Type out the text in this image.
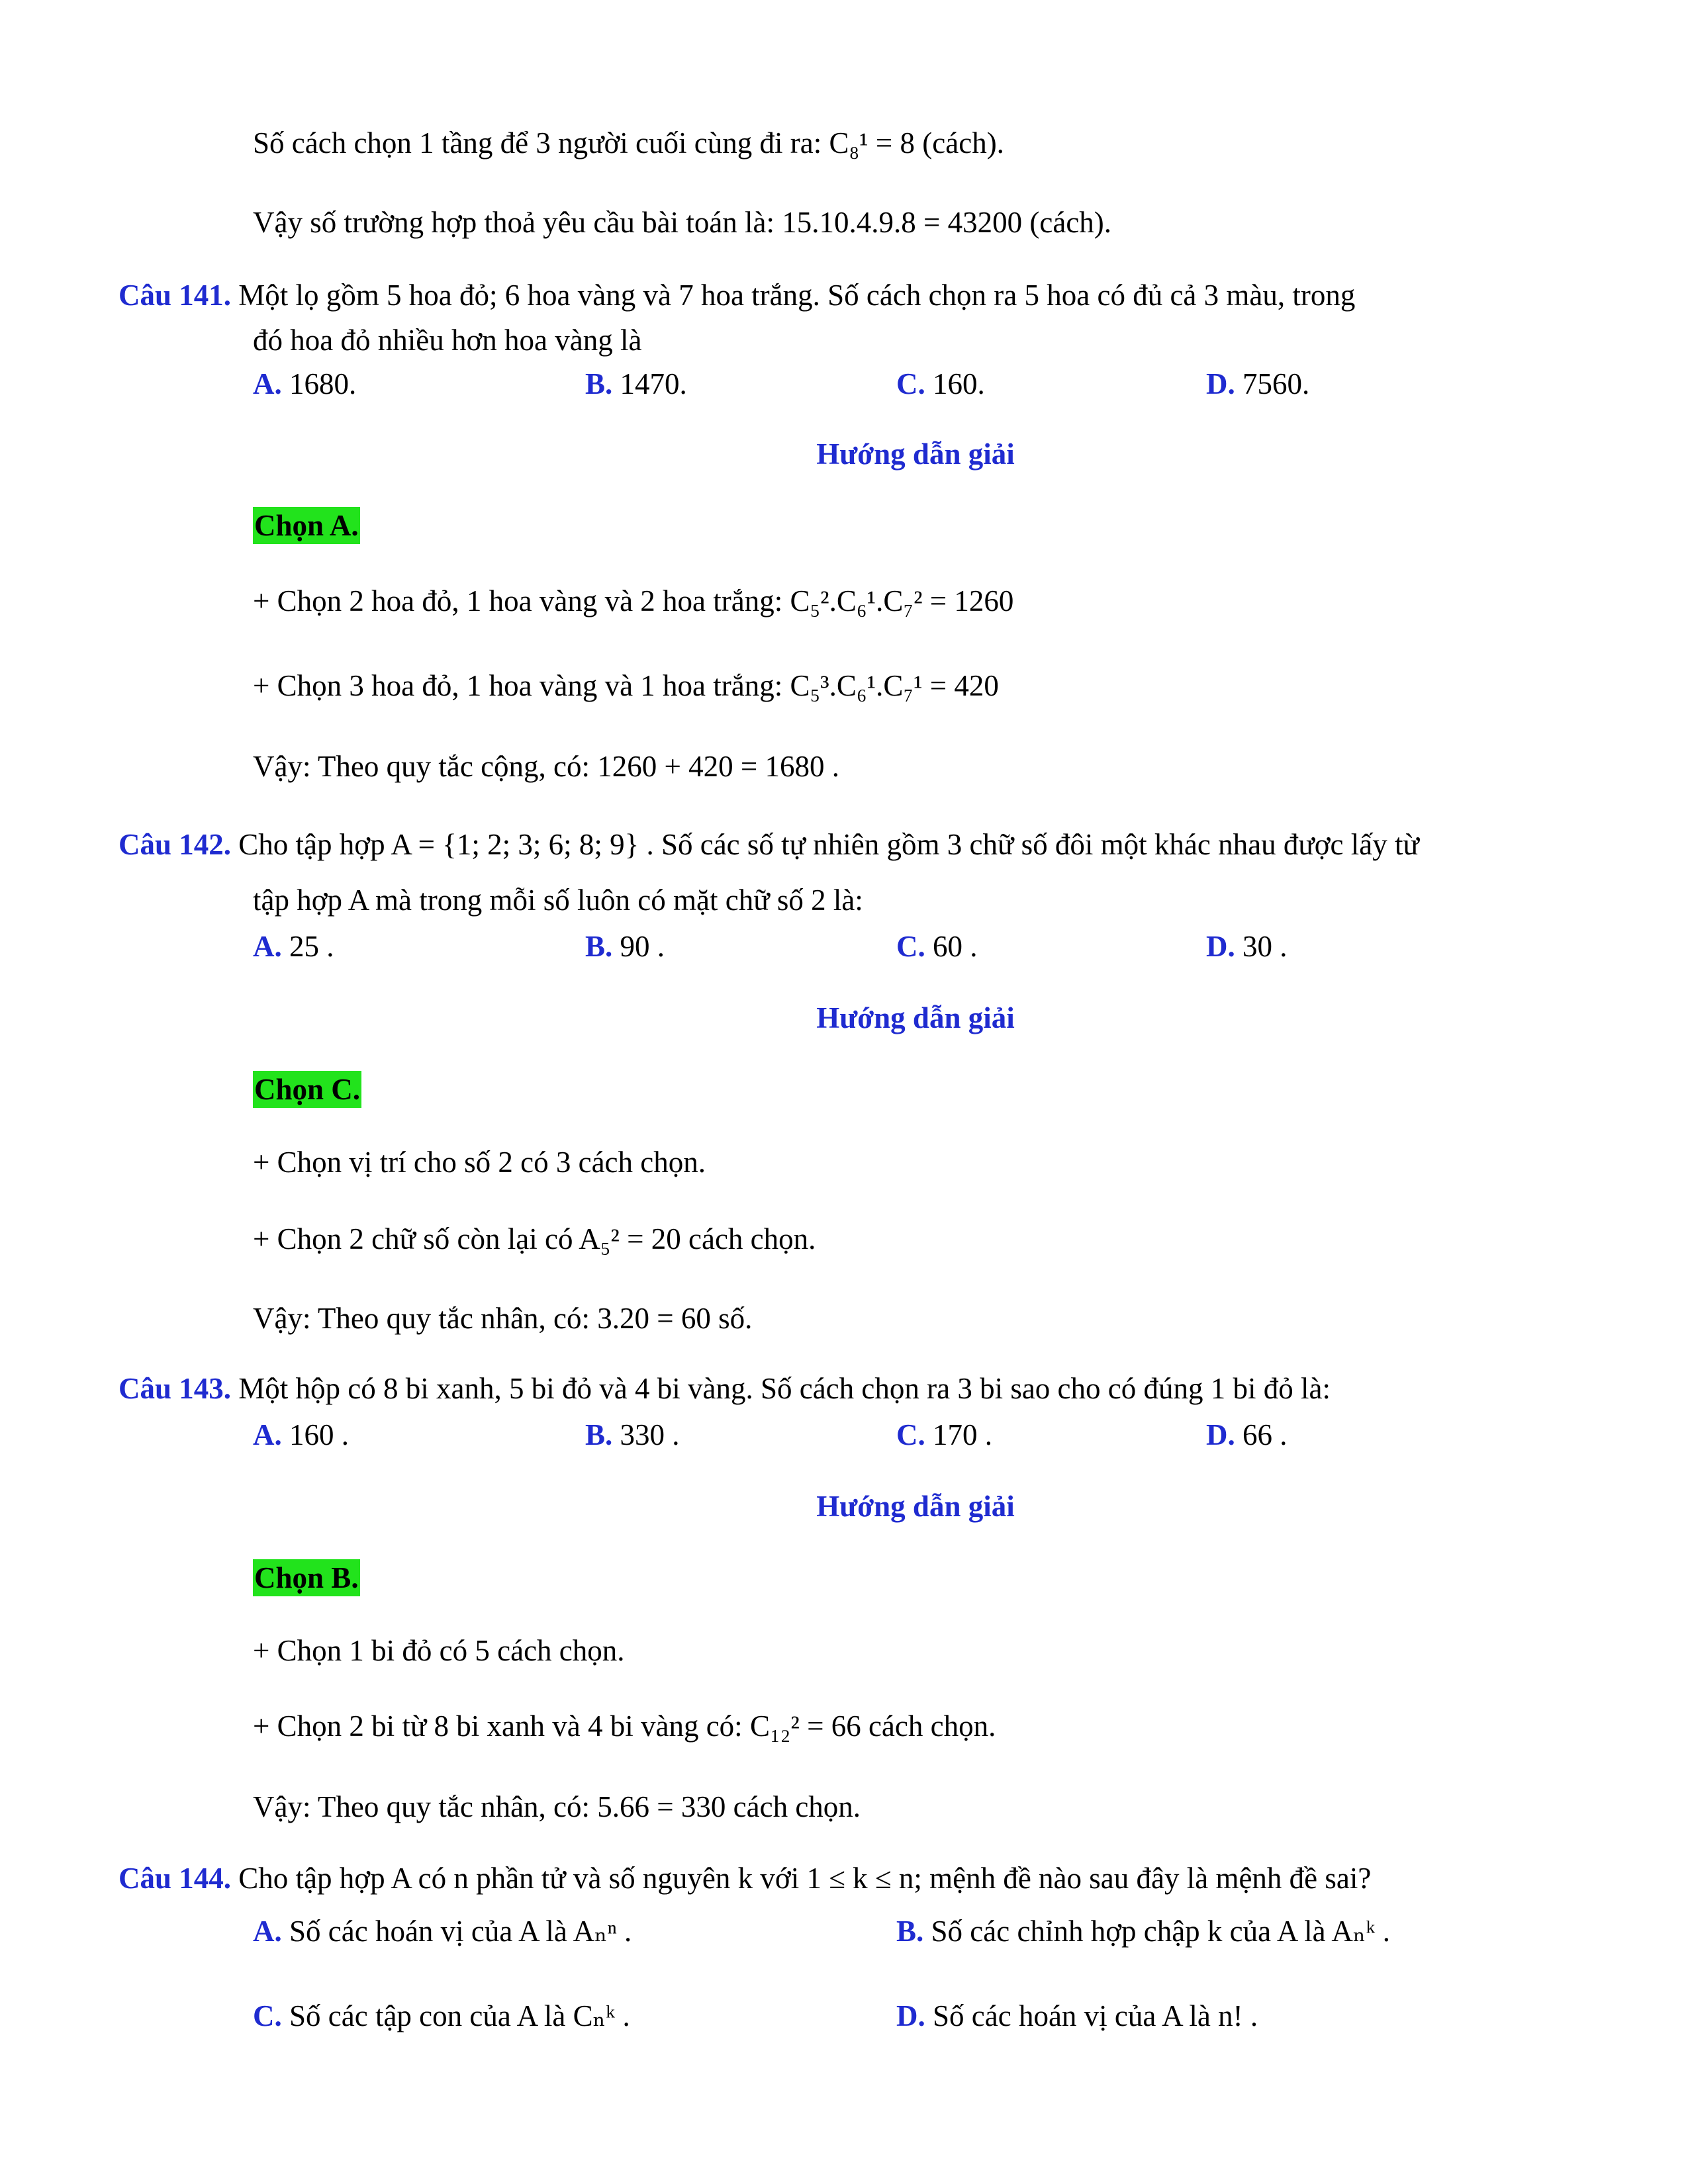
Số cách chọn 1 tầng để 3 người cuối cùng đi ra: C₈¹ = 8 (cách).
Vậy số trường hợp thoả yêu cầu bài toán là: 15.10.4.9.8 = 43200 (cách).
Câu 141. Một lọ gồm 5 hoa đỏ; 6 hoa vàng và 7 hoa trắng. Số cách chọn ra 5 hoa có đủ cả 3 màu, trong
đó hoa đỏ nhiều hơn hoa vàng là
A. 1680.	B. 1470.	C. 160.	D. 7560.
Hướng dẫn giải
Chọn A.
+ Chọn 2 hoa đỏ, 1 hoa vàng và 2 hoa trắng: C₅².C₆¹.C₇² = 1260
+ Chọn 3 hoa đỏ, 1 hoa vàng và 1 hoa trắng: C₅³.C₆¹.C₇¹ = 420
Vậy: Theo quy tắc cộng, có: 1260 + 420 = 1680 .
Câu 142. Cho tập hợp A = {1; 2; 3; 6; 8; 9} . Số các số tự nhiên gồm 3 chữ số đôi một khác nhau được lấy từ
tập hợp A mà trong mỗi số luôn có mặt chữ số 2 là:
A. 25 .	B. 90 .	C. 60 .	D. 30 .
Hướng dẫn giải
Chọn C.
+ Chọn vị trí cho số 2 có 3 cách chọn.
+ Chọn 2 chữ số còn lại có A₅² = 20 cách chọn.
Vậy: Theo quy tắc nhân, có: 3.20 = 60 số.
Câu 143. Một hộp có 8 bi xanh, 5 bi đỏ và 4 bi vàng. Số cách chọn ra 3 bi sao cho có đúng 1 bi đỏ là:
A. 160 .	B. 330 .	C. 170 .	D. 66 .
Hướng dẫn giải
Chọn B.
+ Chọn 1 bi đỏ có 5 cách chọn.
+ Chọn 2 bi từ 8 bi xanh và 4 bi vàng có: C₁₂² = 66 cách chọn.
Vậy: Theo quy tắc nhân, có: 5.66 = 330 cách chọn.
Câu 144. Cho tập hợp A có n phần tử và số nguyên k với 1 ≤ k ≤ n; mệnh đề nào sau đây là mệnh đề sai?
A. Số các hoán vị của A là Aₙⁿ .	B. Số các chỉnh hợp chập k của A là Aₙᵏ .
C. Số các tập con của A là Cₙᵏ .	D. Số các hoán vị của A là n! .
